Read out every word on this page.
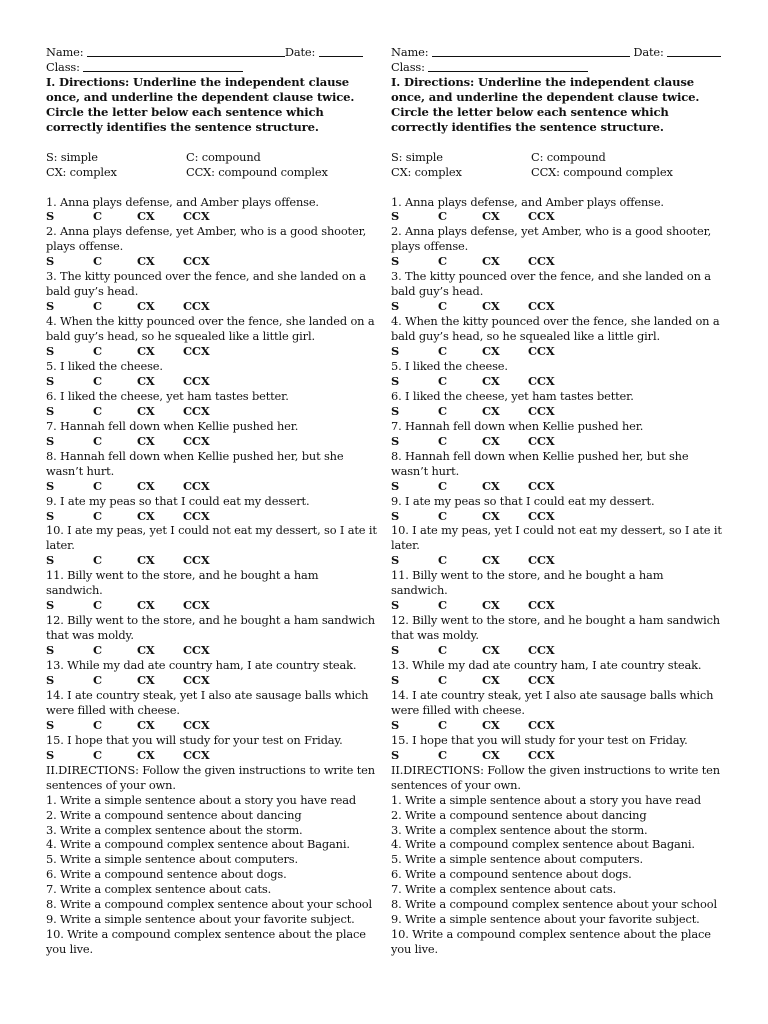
Name:	Date:
Class:
I. Directions: Underline the independent clause once, and underline the dependent clause twice. Circle the letter below each sentence which correctly identifies the sentence structure.
S: simple	C: compound
CX: complex	CCX: compound complex
1. Anna plays defense, and Amber plays offense.
S	C	CX	CCX
2. Anna plays defense, yet Amber, who is a good shooter, plays offense.
S	C	CX	CCX
3. The kitty pounced over the fence, and she landed on a bald guy’s head.
S	C	CX	CCX
4. When the kitty pounced over the fence, she landed on a bald guy’s head, so he squealed like a little girl.
S	C	CX	CCX
5. I liked the cheese.
S	C	CX	CCX
6. I liked the cheese, yet ham tastes better.
S	C	CX	CCX
7. Hannah fell down when Kellie pushed her.
S	C	CX	CCX
8. Hannah fell down when Kellie pushed her, but she wasn’t hurt.
S	C	CX	CCX
9. I ate my peas so that I could eat my dessert.
S	C	CX	CCX
10. I ate my peas, yet I could not eat my dessert, so I ate it later.
S	C	CX	CCX
11. Billy went to the store, and he bought a ham sandwich.
S	C	CX	CCX
12. Billy went to the store, and he bought a ham sandwich that was moldy.
S	C	CX	CCX
13. While my dad ate country ham, I ate country steak.
S	C	CX	CCX
14. I ate country steak, yet I also ate sausage balls which were filled with cheese.
S	C	CX	CCX
15. I hope that you will study for your test on Friday.
S	C	CX	CCX
II.DIRECTIONS: Follow the given instructions to write ten sentences of your own.
1. Write a simple sentence about a story you have read
2. Write a compound sentence about dancing
3. Write a complex sentence about the storm.
4. Write a compound complex sentence about Bagani.
5. Write a simple sentence about computers.
6. Write a compound sentence about dogs.
7. Write a complex sentence about cats.
8. Write a compound complex sentence about your school
9. Write a simple sentence about your favorite subject.
10. Write a compound complex sentence about the place you live.
Name:	Date:
Class:
I. Directions: Underline the independent clause once, and underline the dependent clause twice. Circle the letter below each sentence which correctly identifies the sentence structure.
S: simple	C: compound
CX: complex	CCX: compound complex
1. Anna plays defense, and Amber plays offense.
S	C	CX	CCX
2. Anna plays defense, yet Amber, who is a good shooter, plays offense.
S	C	CX	CCX
3. The kitty pounced over the fence, and she landed on a bald guy’s head.
S	C	CX	CCX
4. When the kitty pounced over the fence, she landed on a bald guy’s head, so he squealed like a little girl.
S	C	CX	CCX
5. I liked the cheese.
S	C	CX	CCX
6. I liked the cheese, yet ham tastes better.
S	C	CX	CCX
7. Hannah fell down when Kellie pushed her.
S	C	CX	CCX
8. Hannah fell down when Kellie pushed her, but she wasn’t hurt.
S	C	CX	CCX
9. I ate my peas so that I could eat my dessert.
S	C	CX	CCX
10. I ate my peas, yet I could not eat my dessert, so I ate it later.
S	C	CX	CCX
11. Billy went to the store, and he bought a ham sandwich.
S	C	CX	CCX
12. Billy went to the store, and he bought a ham sandwich that was moldy.
S	C	CX	CCX
13. While my dad ate country ham, I ate country steak.
S	C	CX	CCX
14. I ate country steak, yet I also ate sausage balls which were filled with cheese.
S	C	CX	CCX
15. I hope that you will study for your test on Friday.
S	C	CX	CCX
II.DIRECTIONS: Follow the given instructions to write ten sentences of your own.
1. Write a simple sentence about a story you have read
2. Write a compound sentence about dancing
3. Write a complex sentence about the storm.
4. Write a compound complex sentence about Bagani.
5. Write a simple sentence about computers.
6. Write a compound sentence about dogs.
7. Write a complex sentence about cats.
8. Write a compound complex sentence about your school
9. Write a simple sentence about your favorite subject.
10. Write a compound complex sentence about the place you live.
